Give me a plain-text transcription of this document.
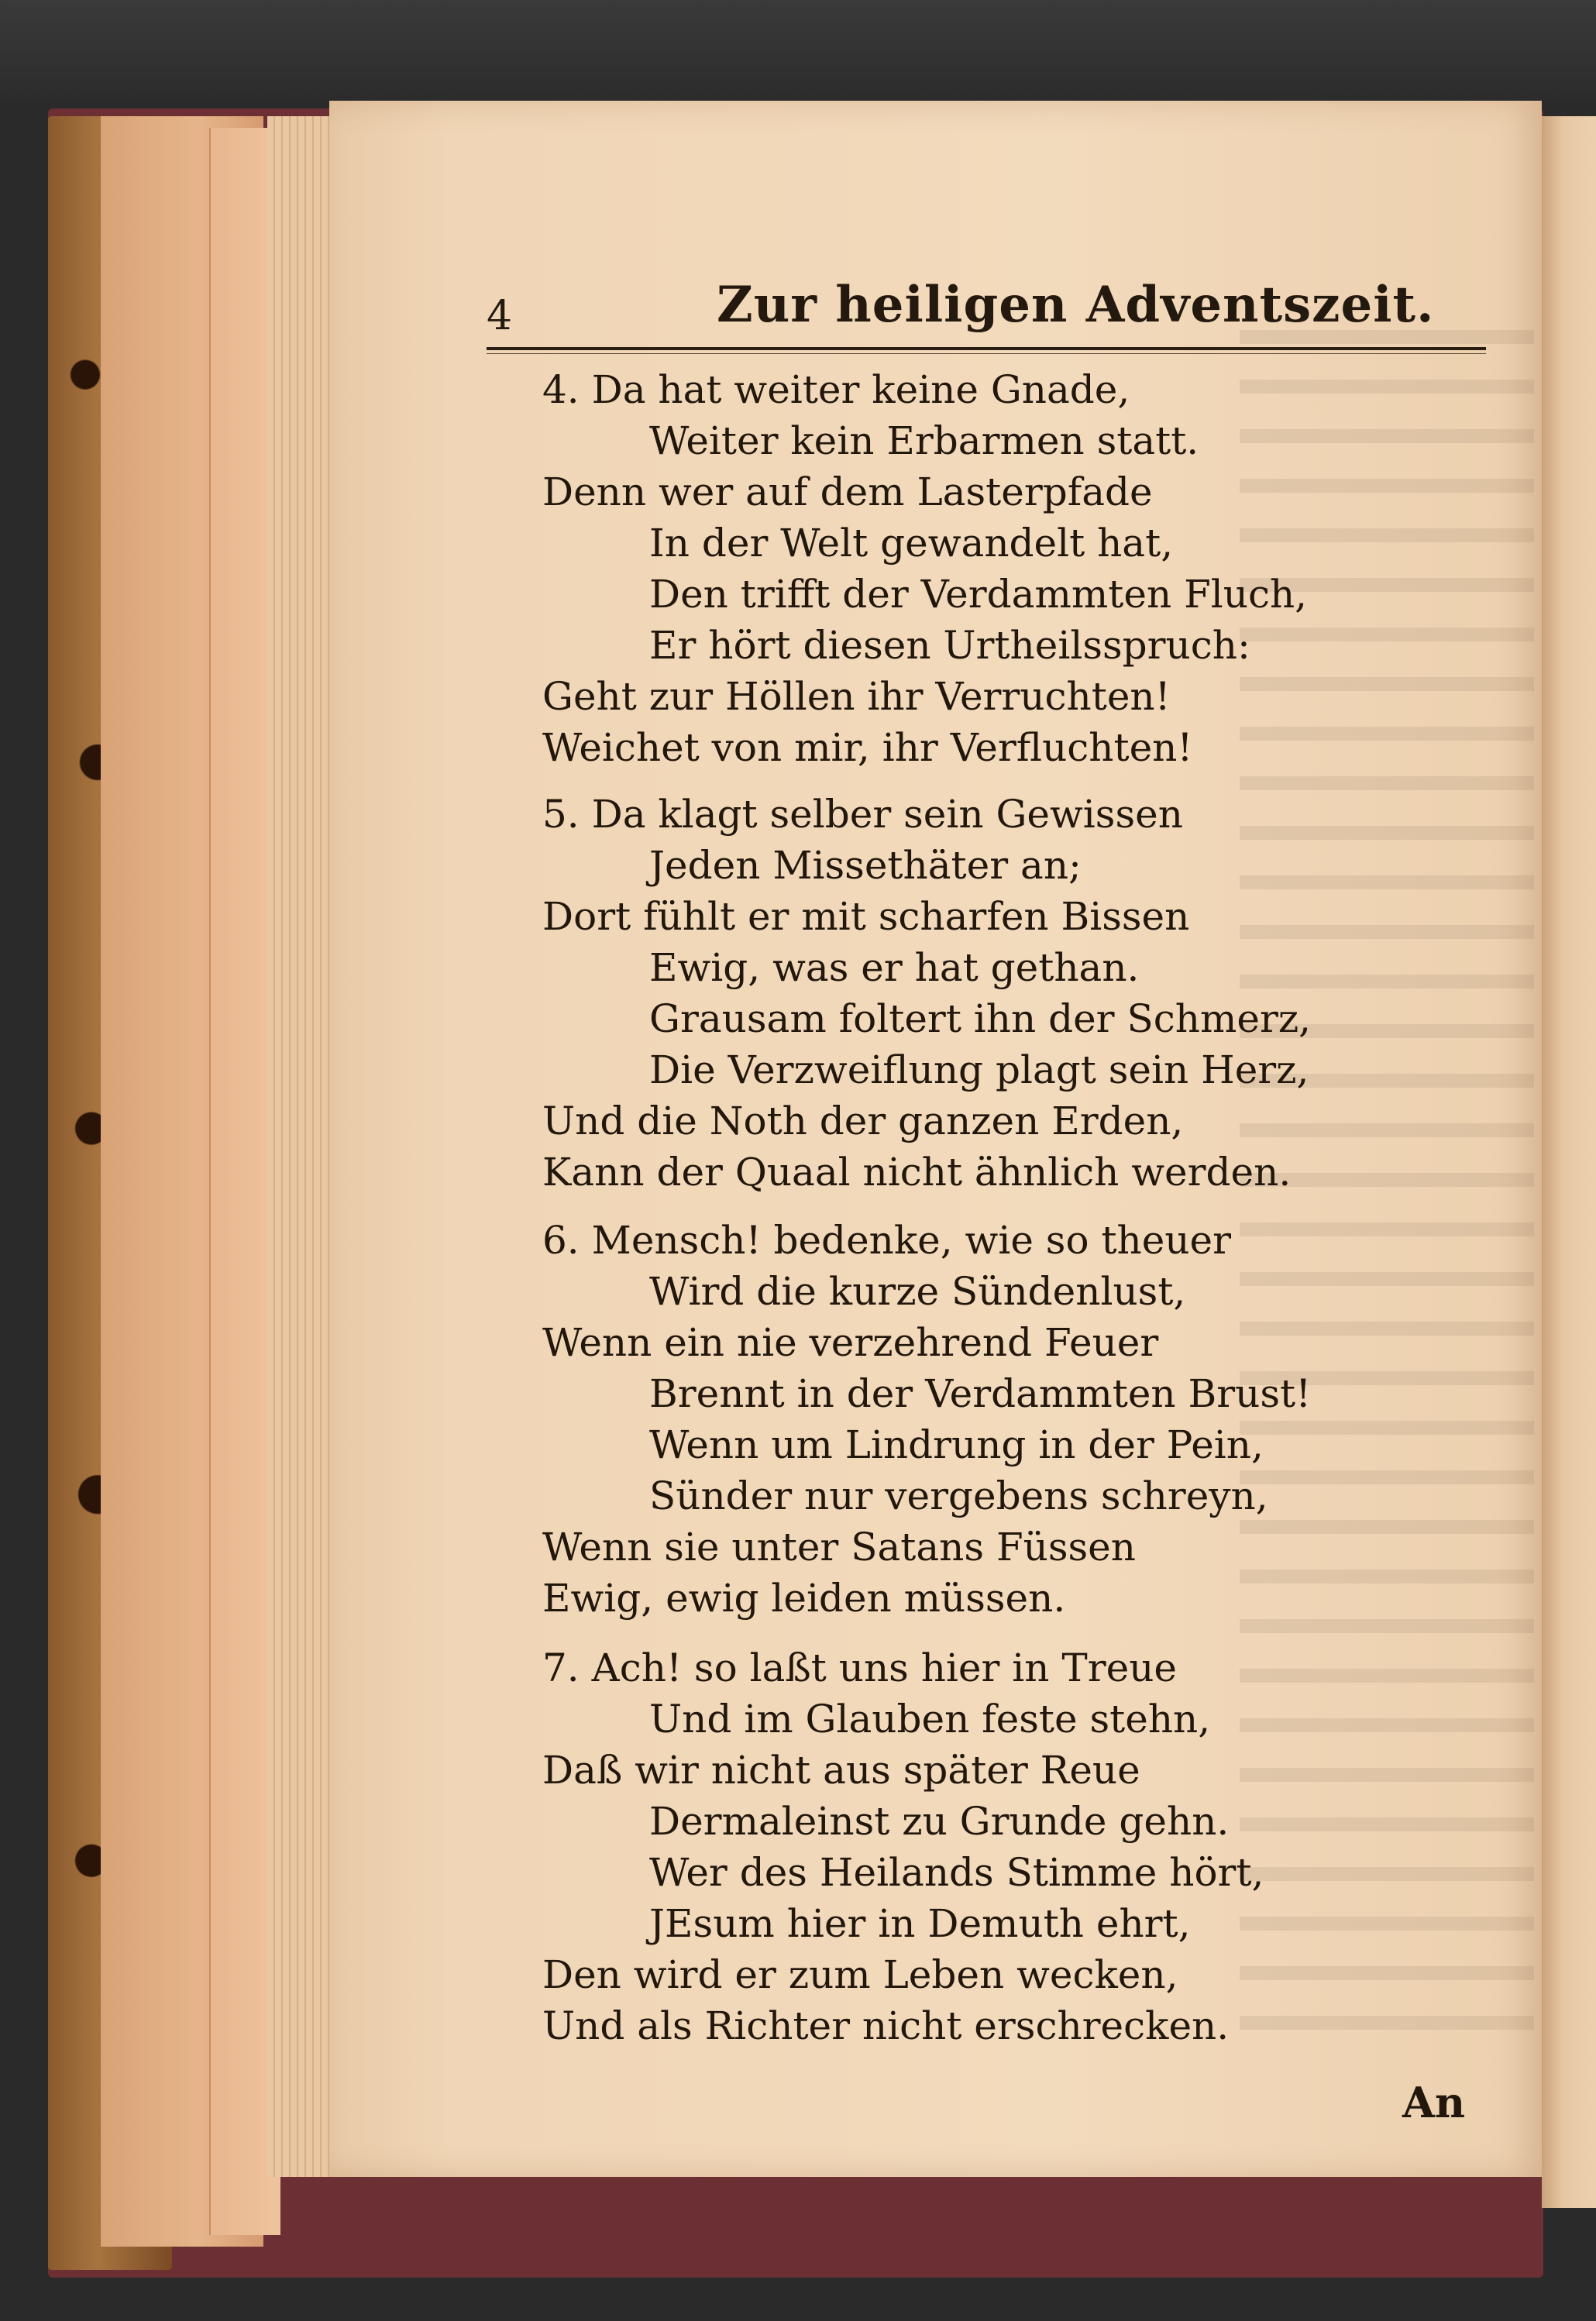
4	Zur heiligen Adventszeit.
4. Da hat weiter keine Gnade,
Weiter kein Erbarmen statt.
Denn wer auf dem Lasterpfade
In der Welt gewandelt hat,
Den trifft der Verdammten Fluch,
Er hört diesen Urtheilsspruch:
Geht zur Höllen ihr Verruchten!
Weichet von mir, ihr Verfluchten!
5. Da klagt selber sein Gewissen
Jeden Missethäter an;
Dort fühlt er mit scharfen Bissen
Ewig, was er hat gethan.
Grausam foltert ihn der Schmerz,
Die Verzweiflung plagt sein Herz,
Und die Noth der ganzen Erden,
Kann der Quaal nicht ähnlich werden.
6. Mensch! bedenke, wie so theuer
Wird die kurze Sündenlust,
Wenn ein nie verzehrend Feuer
Brennt in der Verdammten Brust!
Wenn um Lindrung in der Pein,
Sünder nur vergebens schreyn,
Wenn sie unter Satans Füssen
Ewig, ewig leiden müssen.
7. Ach! so laßt uns hier in Treue
Und im Glauben feste stehn,
Daß wir nicht aus später Reue
Dermaleinst zu Grunde gehn.
Wer des Heilands Stimme hört,
JEsum hier in Demuth ehrt,
Den wird er zum Leben wecken,
Und als Richter nicht erschrecken.
An
